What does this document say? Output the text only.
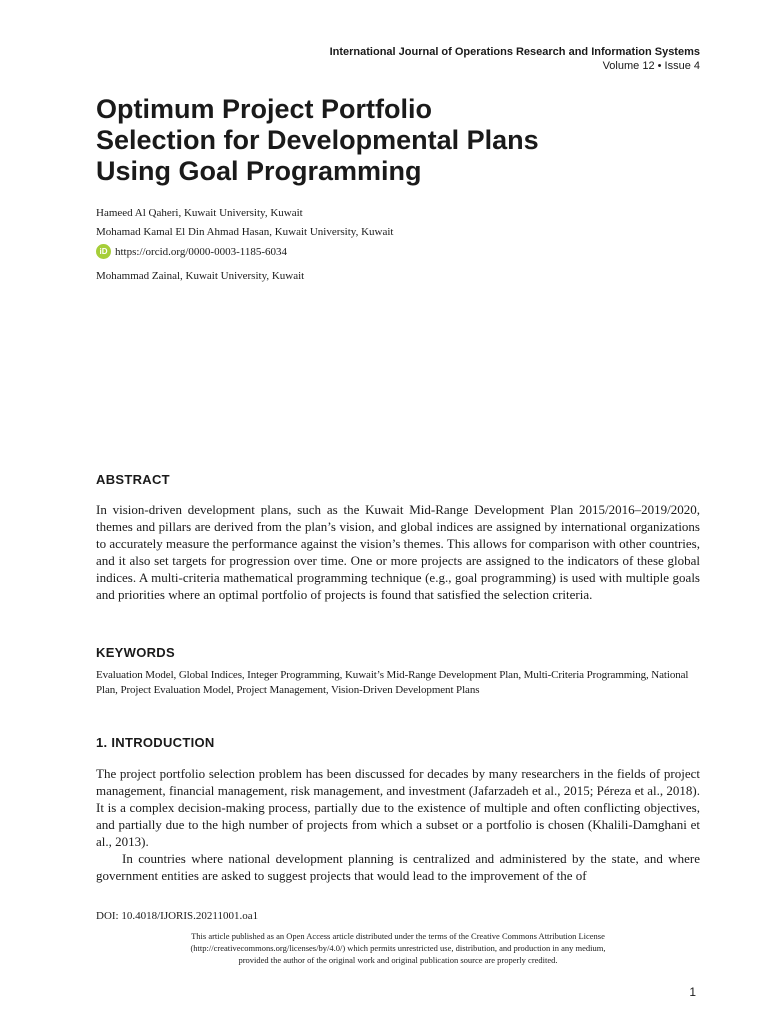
International Journal of Operations Research and Information Systems
Volume 12 • Issue 4
Optimum Project Portfolio
Selection for Developmental Plans
Using Goal Programming
Hameed Al Qaheri, Kuwait University, Kuwait
Mohamad Kamal El Din Ahmad Hasan, Kuwait University, Kuwait
iD https://orcid.org/0000-0003-1185-6034
Mohammad Zainal, Kuwait University, Kuwait
ABSTRACT

In vision-driven development plans, such as the Kuwait Mid-Range Development Plan 2015/2016–2019/2020, themes and pillars are derived from the plan’s vision, and global indices are assigned by international organizations to accurately measure the performance against the vision’s themes. This allows for comparison with other countries, and it also set targets for progression over time. One or more projects are assigned to the indicators of these global indices. A multi-criteria mathematical programming technique (e.g., goal programming) is used with multiple goals and priorities where an optimal portfolio of projects is found that satisfied the selection criteria.

KEYWORDS

Evaluation Model, Global Indices, Integer Programming, Kuwait’s Mid-Range Development Plan, Multi-Criteria Programming, National Plan, Project Evaluation Model, Project Management, Vision-Driven Development Plans

1. INTRODUCTION

The project portfolio selection problem has been discussed for decades by many researchers in the fields of project management, financial management, risk management, and investment (Jafarzadeh et al., 2015; Péreza et al., 2018). It is a complex decision-making process, partially due to the existence of multiple and often conflicting objectives, and partially due to the high number of projects from which a subset or a portfolio is chosen (Khalili-Damghani et al., 2013).

In countries where national development planning is centralized and administered by the state, and where government entities are asked to suggest projects that would lead to the improvement of the of

DOI: 10.4018/IJORIS.20211001.oa1
This article published as an Open Access article distributed under the terms of the Creative Commons Attribution License
(http://creativecommons.org/licenses/by/4.0/) which permits unrestricted use, distribution, and production in any medium,
provided the author of the original work and original publication source are properly credited.
1
